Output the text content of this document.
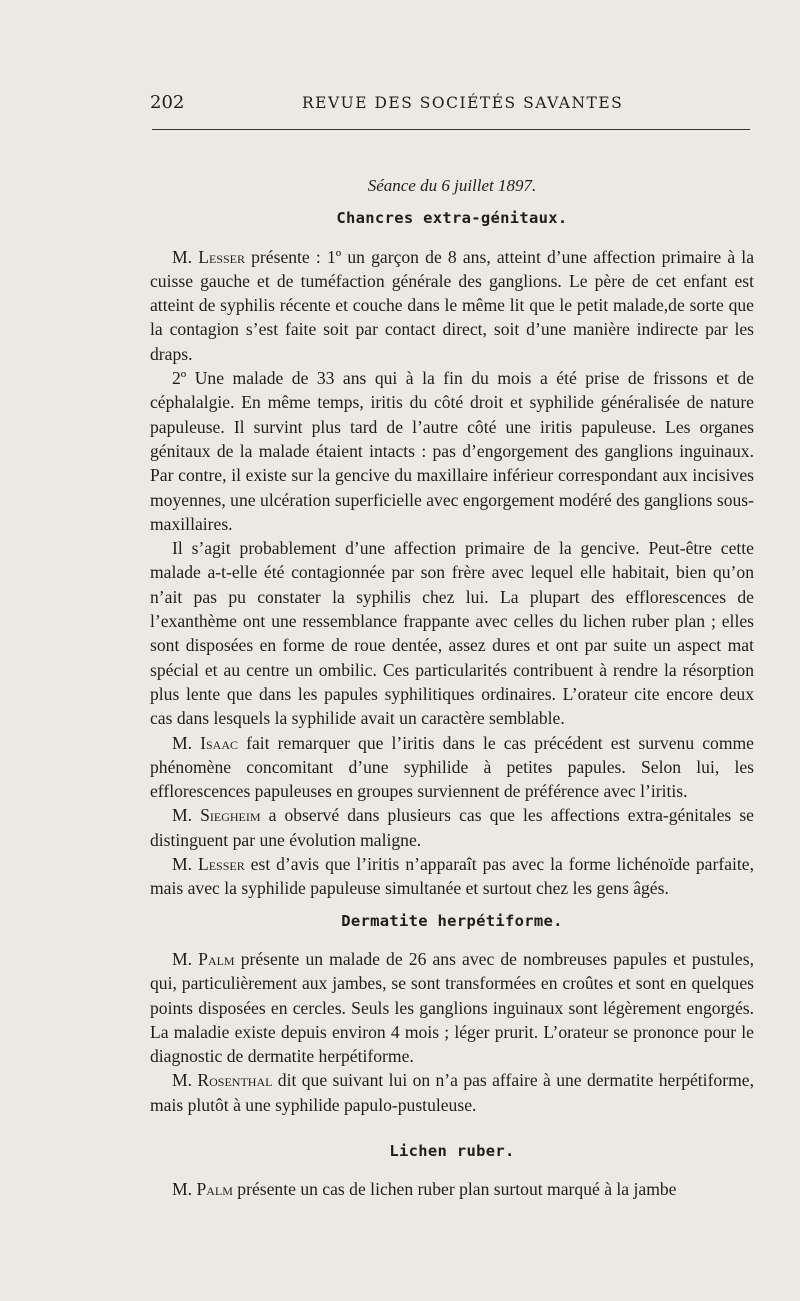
202	REVUE DES SOCIÉTÉS SAVANTES
Séance du 6 juillet 1897.
Chancres extra-génitaux.

M. Lesser présente : 1º un garçon de 8 ans, atteint d’une affection primaire à la cuisse gauche et de tuméfaction générale des ganglions. Le père de cet enfant est atteint de syphilis récente et couche dans le même lit que le petit malade,de sorte que la contagion s’est faite soit par contact direct, soit d’une manière indirecte par les draps.

2º Une malade de 33 ans qui à la fin du mois a été prise de frissons et de céphalalgie. En même temps, iritis du côté droit et syphilide généralisée de nature papuleuse. Il survint plus tard de l’autre côté une iritis papuleuse. Les organes génitaux de la malade étaient intacts : pas d’engorgement des ganglions inguinaux. Par contre, il existe sur la gencive du maxillaire inférieur correspondant aux incisives moyennes, une ulcération superficielle avec engorgement modéré des ganglions sous-maxillaires.

Il s’agit probablement d’une affection primaire de la gencive. Peut-être cette malade a-t-elle été contagionnée par son frère avec lequel elle habitait, bien qu’on n’ait pas pu constater la syphilis chez lui. La plupart des efflorescences de l’exanthème ont une ressemblance frappante avec celles du lichen ruber plan ; elles sont disposées en forme de roue dentée, assez dures et ont par suite un aspect mat spécial et au centre un ombilic. Ces particularités contribuent à rendre la résorption plus lente que dans les papules syphilitiques ordinaires. L’orateur cite encore deux cas dans lesquels la syphilide avait un caractère semblable.

M. Isaac fait remarquer que l’iritis dans le cas précédent est survenu comme phénomène concomitant d’une syphilide à petites papules. Selon lui, les efflorescences papuleuses en groupes surviennent de préférence avec l’iritis.

M. Siegheim a observé dans plusieurs cas que les affections extra-génitales se distinguent par une évolution maligne.

M. Lesser est d’avis que l’iritis n’apparaît pas avec la forme lichénoïde parfaite, mais avec la syphilide papuleuse simultanée et surtout chez les gens âgés.

Dermatite herpétiforme.

M. Palm présente un malade de 26 ans avec de nombreuses papules et pustules, qui, particulièrement aux jambes, se sont transformées en croûtes et sont en quelques points disposées en cercles. Seuls les ganglions inguinaux sont légèrement engorgés. La maladie existe depuis environ 4 mois ; léger prurit. L’orateur se prononce pour le diagnostic de dermatite herpétiforme.

M. Rosenthal dit que suivant lui on n’a pas affaire à une dermatite herpétiforme, mais plutôt à une syphilide papulo-pustuleuse.

Lichen ruber.

M. Palm présente un cas de lichen ruber plan surtout marqué à la jambe
